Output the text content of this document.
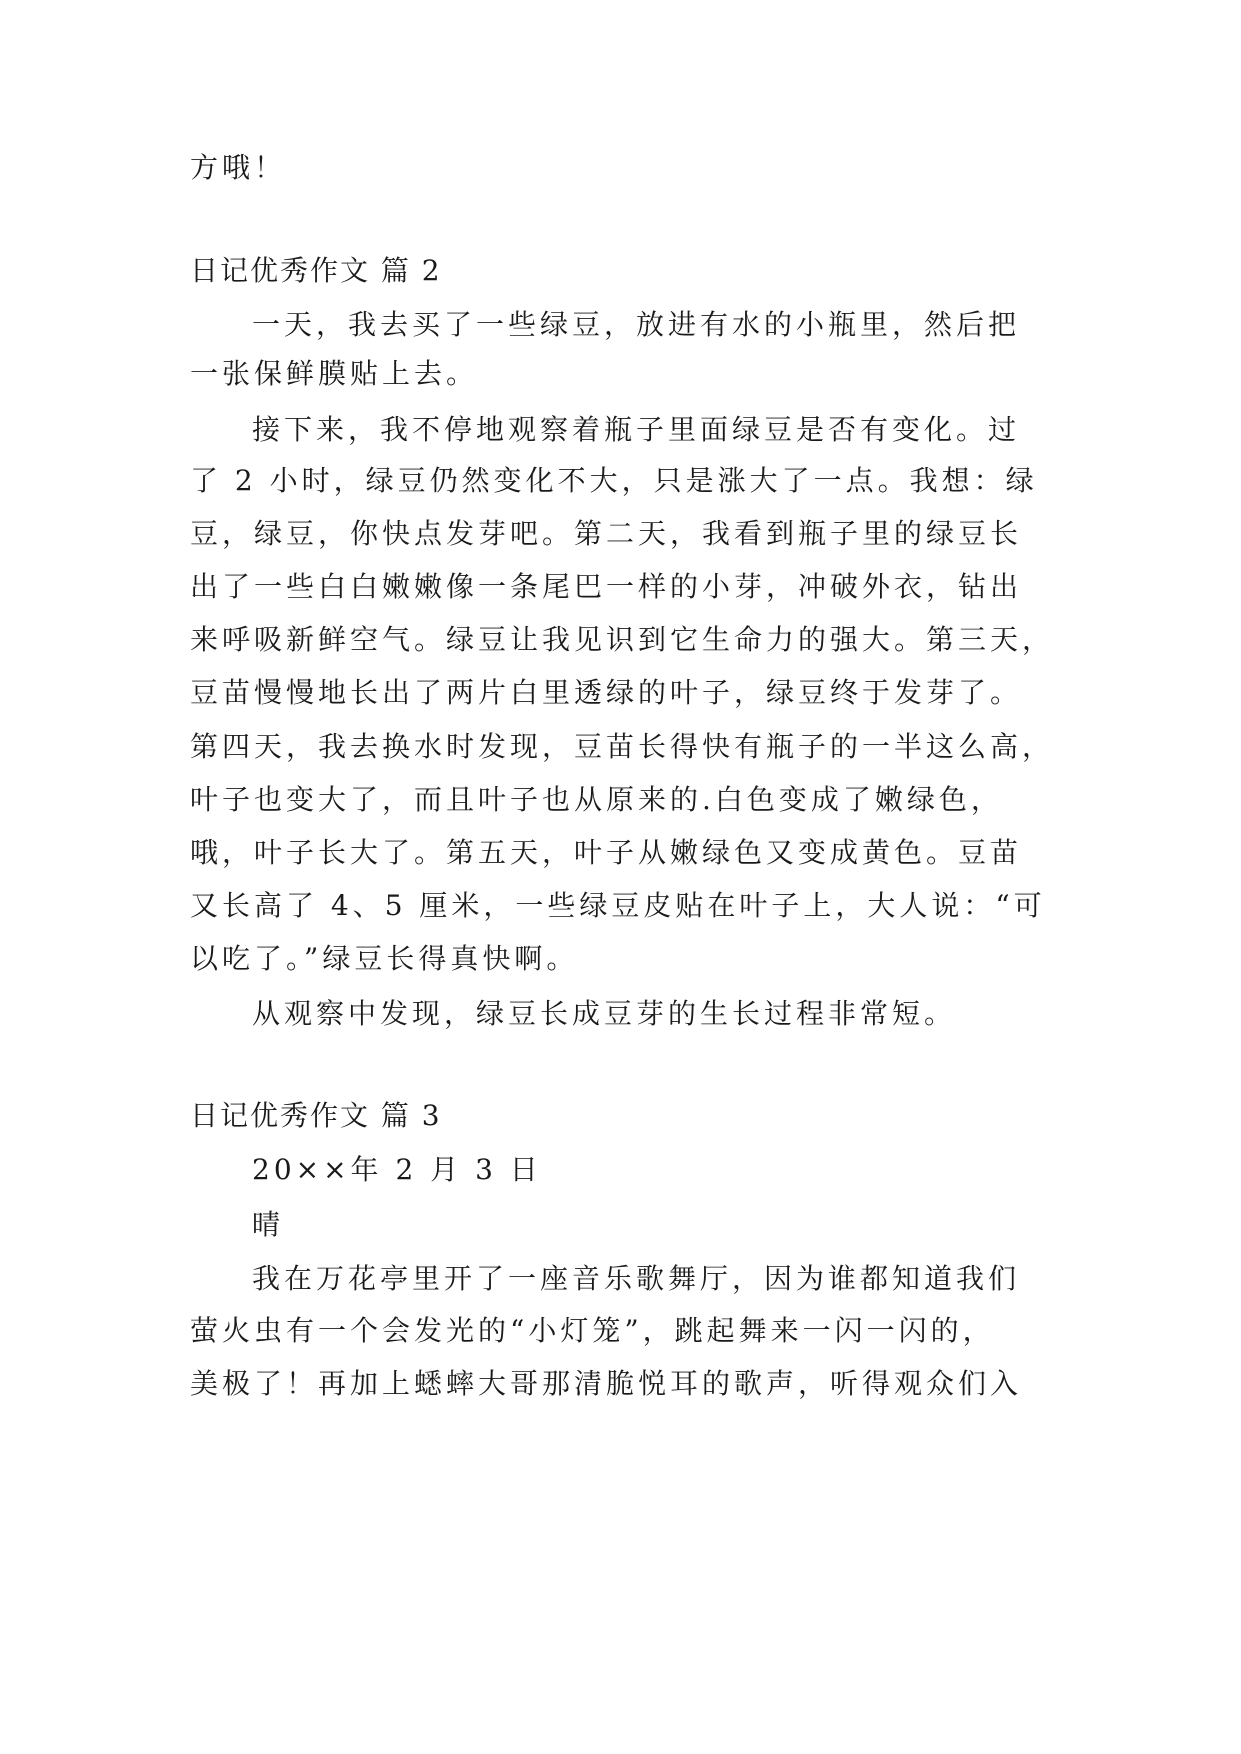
方哦！
日记优秀作文 篇 2
一天，我去买了一些绿豆，放进有水的小瓶里，然后把
一张保鲜膜贴上去。
接下来，我不停地观察着瓶子里面绿豆是否有变化。过
了 2 小时，绿豆仍然变化不大，只是涨大了一点。我想：绿
豆，绿豆，你快点发芽吧。第二天，我看到瓶子里的绿豆长
出了一些白白嫩嫩像一条尾巴一样的小芽，冲破外衣，钻出
来呼吸新鲜空气。绿豆让我见识到它生命力的强大。第三天，
豆苗慢慢地长出了两片白里透绿的叶子，绿豆终于发芽了。
第四天，我去换水时发现，豆苗长得快有瓶子的一半这么高，
叶子也变大了，而且叶子也从原来的.白色变成了嫩绿色，
哦，叶子长大了。第五天，叶子从嫩绿色又变成黄色。豆苗
又长高了 4、5 厘米，一些绿豆皮贴在叶子上，大人说：“可
以吃了。”绿豆长得真快啊。
从观察中发现，绿豆长成豆芽的生长过程非常短。
日记优秀作文 篇 3
20××年 2 月 3 日
晴
我在万花亭里开了一座音乐歌舞厅，因为谁都知道我们
萤火虫有一个会发光的“小灯笼”，跳起舞来一闪一闪的，
美极了！再加上蟋蟀大哥那清脆悦耳的歌声，听得观众们入
